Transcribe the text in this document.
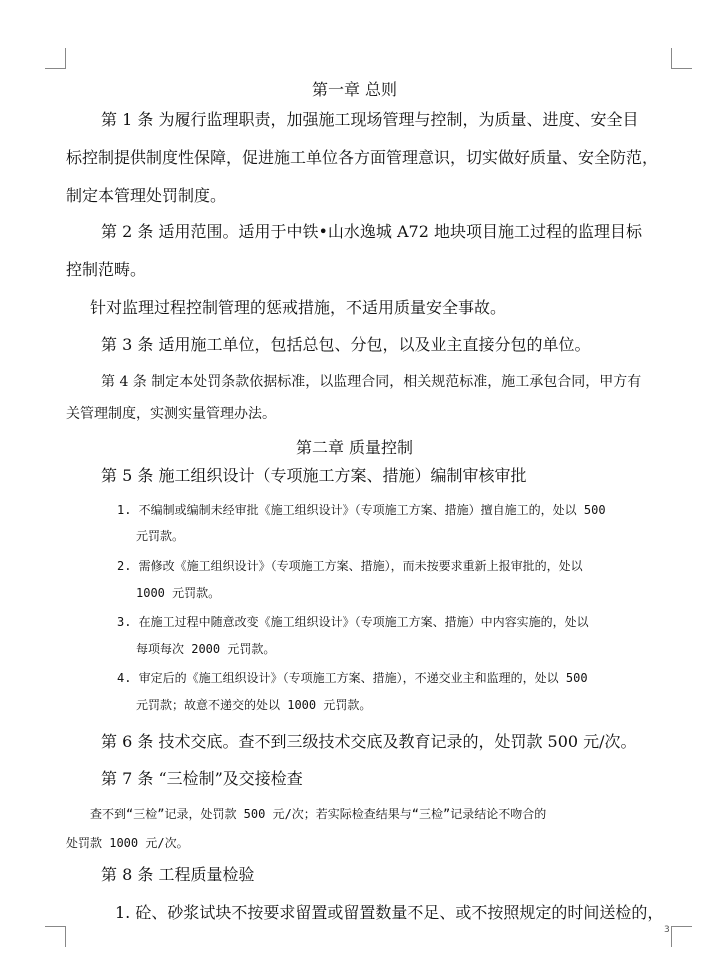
第一章 总则
第 1 条 为履行监理职责，加强施工现场管理与控制，为质量、进度、安全目
标控制提供制度性保障，促进施工单位各方面管理意识，切实做好质量、安全防范，
制定本管理处罚制度。
第 2 条 适用范围。适用于中铁•山水逸城 A72 地块项目施工过程的监理目标
控制范畴。
针对监理过程控制管理的惩戒措施，不适用质量安全事故。
第 3 条 适用施工单位，包括总包、分包，以及业主直接分包的单位。
第 4 条 制定本处罚条款依据标准，以监理合同，相关规范标准，施工承包合同，甲方有
关管理制度，实测实量管理办法。
第二章 质量控制
第 5 条 施工组织设计（专项施工方案、措施）编制审核审批
1. 不编制或编制未经审批《施工组织设计》（专项施工方案、措施）擅自施工的，处以 500
元罚款。
2. 需修改《施工组织设计》（专项施工方案、措施），而未按要求重新上报审批的，处以
1000 元罚款。
3. 在施工过程中随意改变《施工组织设计》（专项施工方案、措施）中内容实施的，处以
每项每次 2000 元罚款。
4. 审定后的《施工组织设计》（专项施工方案、措施），不递交业主和监理的，处以 500
元罚款；故意不递交的处以 1000 元罚款。
第 6 条 技术交底。查不到三级技术交底及教育记录的，处罚款 500 元/次。
第 7 条 “三检制”及交接检查
查不到“三检”记录，处罚款 500 元/次；若实际检查结果与“三检”记录结论不吻合的
处罚款 1000 元/次。
第 8 条 工程质量检验
1. 砼、砂浆试块不按要求留置或留置数量不足、或不按照规定的时间送检的，
3
